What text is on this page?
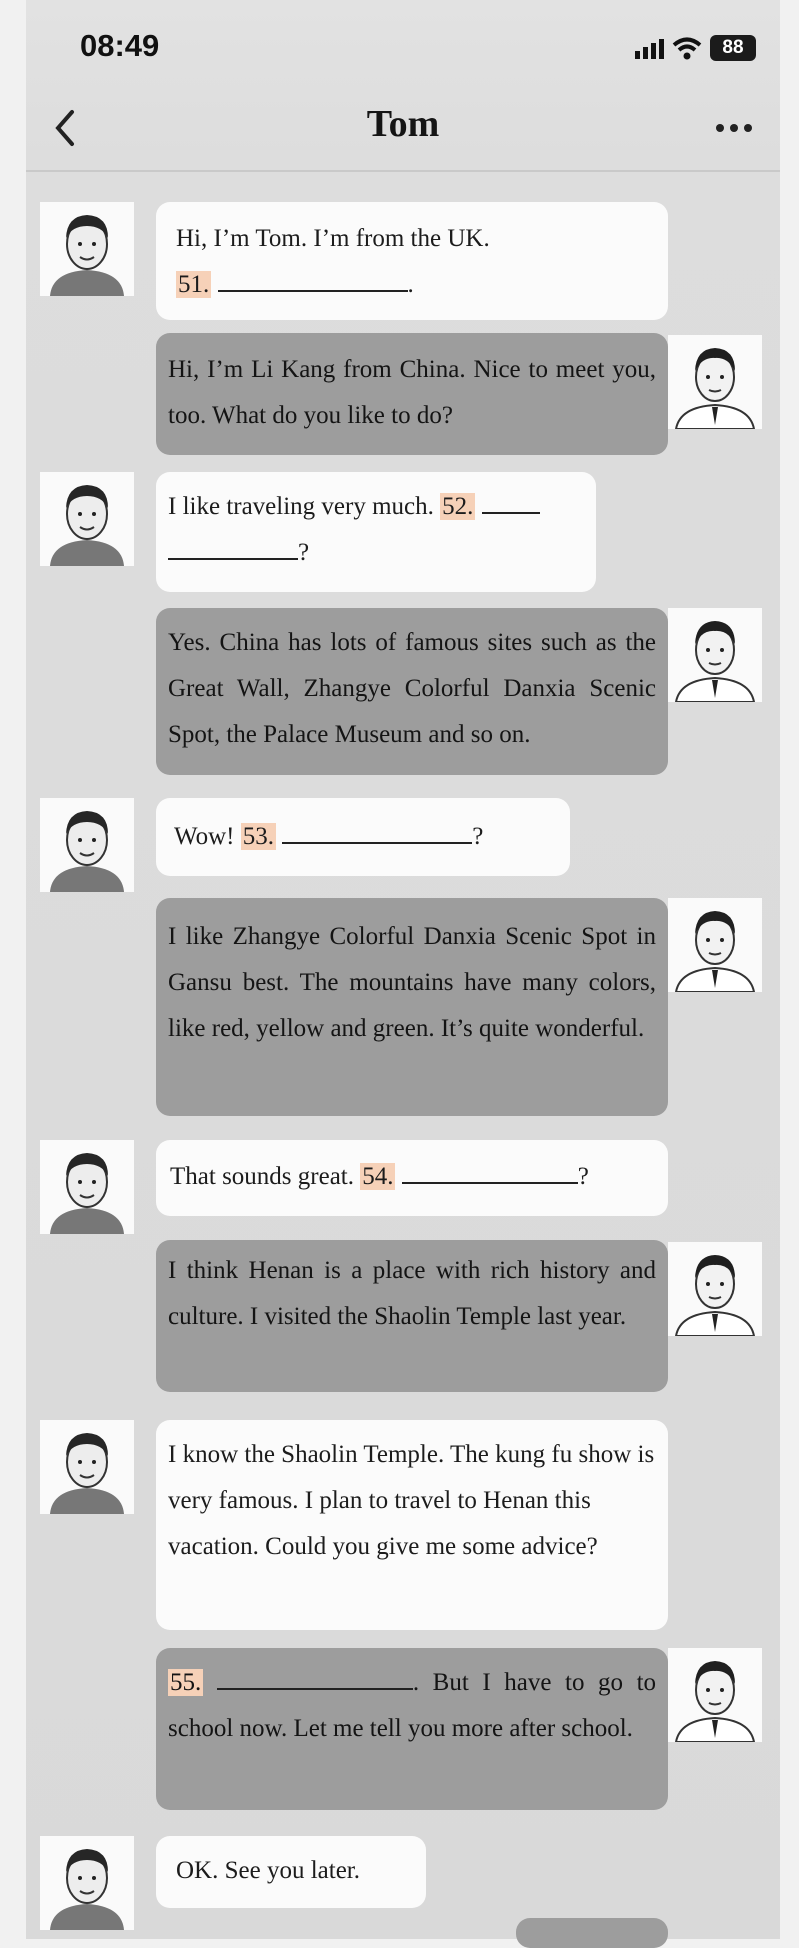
08:49	88
Tom
Hi, I’m Tom. I’m from the UK.
51.	.
Hi, I’m Li Kang from China. Nice to meet you, too. What do you like to do?
I like traveling very much. 52.
?
Yes. China has lots of famous sites such as the Great Wall, Zhangye Colorful Danxia Scenic Spot, the Palace Museum and so on.
Wow! 53.	?
I like Zhangye Colorful Danxia Scenic Spot in Gansu best. The mountains have many colors, like red, yellow and green. It’s quite wonderful.
That sounds great. 54.	?
I think Henan is a place with rich history and culture. I visited the Shaolin Temple last year.
I know the Shaolin Temple. The kung fu show is very famous. I plan to travel to Henan this vacation. Could you give me some advice?
55.	. But I have to go to school now. Let me tell you more after school.
OK. See you later.
